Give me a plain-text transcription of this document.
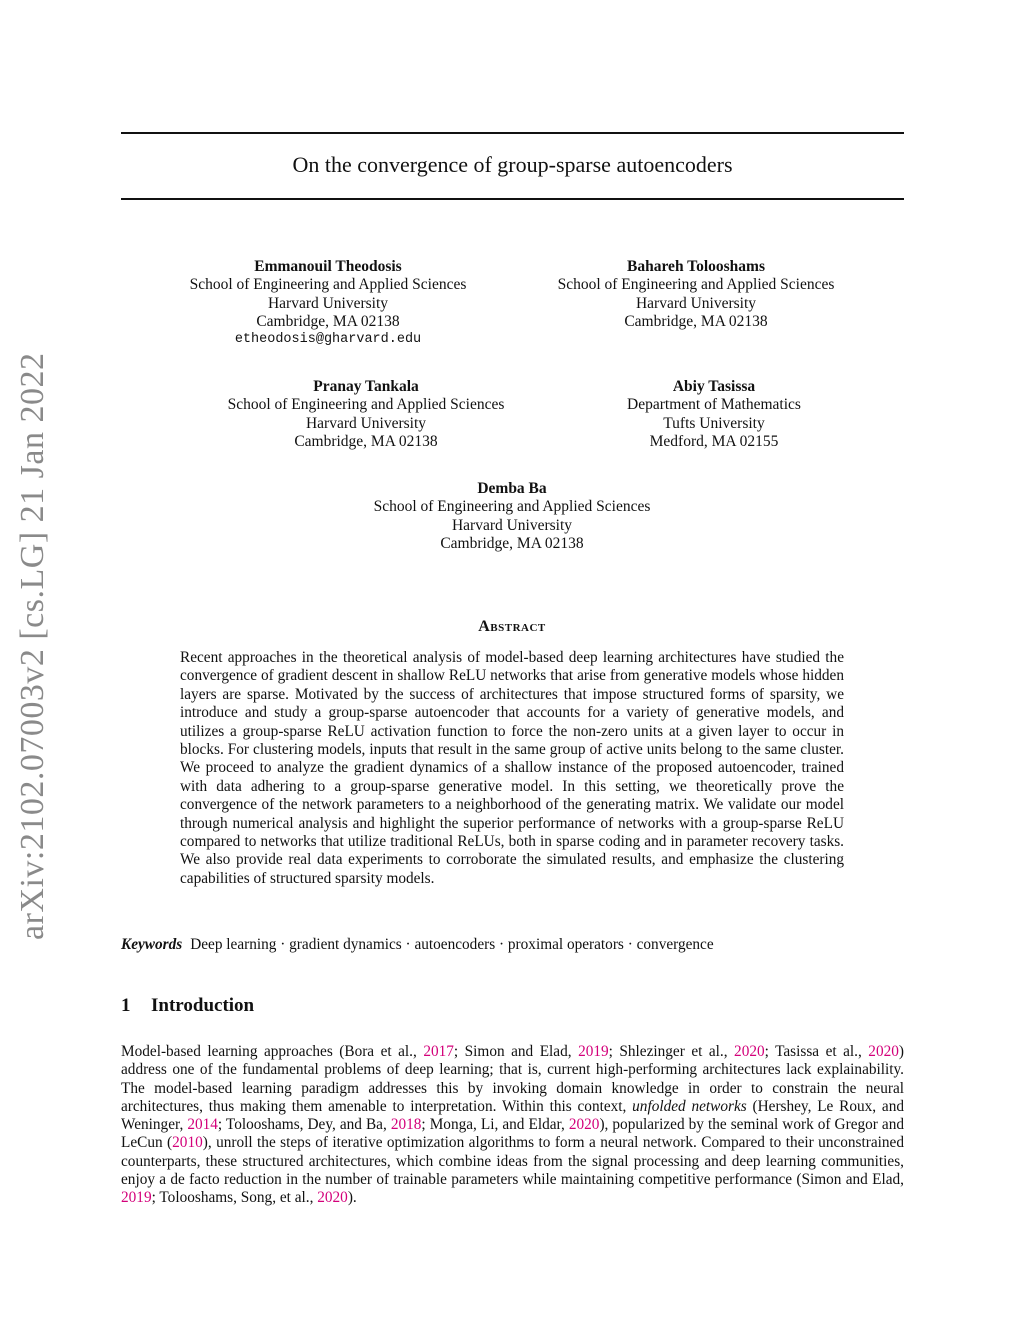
arXiv:2102.07003v2 [cs.LG] 21 Jan 2022
On the convergence of group-sparse autoencoders
Emmanouil Theodosis
School of Engineering and Applied Sciences
Harvard University
Cambridge, MA 02138
etheodosis@gharvard.edu
Bahareh Tolooshams
School of Engineering and Applied Sciences
Harvard University
Cambridge, MA 02138
Pranay Tankala
School of Engineering and Applied Sciences
Harvard University
Cambridge, MA 02138
Abiy Tasissa
Department of Mathematics
Tufts University
Medford, MA 02155
Demba Ba
School of Engineering and Applied Sciences
Harvard University
Cambridge, MA 02138
Abstract
Recent approaches in the theoretical analysis of model-based deep learning architectures have studied the convergence of gradient descent in shallow ReLU networks that arise from generative models whose hidden layers are sparse. Motivated by the success of architectures that impose structured forms of sparsity, we introduce and study a group-sparse autoencoder that accounts for a variety of generative models, and utilizes a group-sparse ReLU activation function to force the non-zero units at a given layer to occur in blocks. For clustering models, inputs that result in the same group of active units belong to the same cluster. We proceed to analyze the gradient dynamics of a shallow instance of the proposed autoencoder, trained with data adhering to a group-sparse generative model. In this setting, we theoretically prove the convergence of the network parameters to a neighborhood of the generating matrix. We validate our model through numerical analysis and highlight the superior performance of networks with a group-sparse ReLU compared to networks that utilize traditional ReLUs, both in sparse coding and in parameter recovery tasks. We also provide real data experiments to corroborate the simulated results, and emphasize the clustering capabilities of structured sparsity models.
Keywords Deep learning · gradient dynamics · autoencoders · proximal operators · convergence
1 Introduction
Model-based learning approaches (Bora et al., 2017; Simon and Elad, 2019; Shlezinger et al., 2020; Tasissa et al., 2020) address one of the fundamental problems of deep learning; that is, current high-performing architectures lack explainability. The model-based learning paradigm addresses this by invoking domain knowledge in order to constrain the neural architectures, thus making them amenable to interpretation. Within this context, unfolded networks (Hershey, Le Roux, and Weninger, 2014; Tolooshams, Dey, and Ba, 2018; Monga, Li, and Eldar, 2020), popularized by the seminal work of Gregor and LeCun (2010), unroll the steps of iterative optimization algorithms to form a neural network. Compared to their unconstrained counterparts, these structured architectures, which combine ideas from the signal processing and deep learning communities, enjoy a de facto reduction in the number of trainable parameters while maintaining competitive performance (Simon and Elad, 2019; Tolooshams, Song, et al., 2020).
